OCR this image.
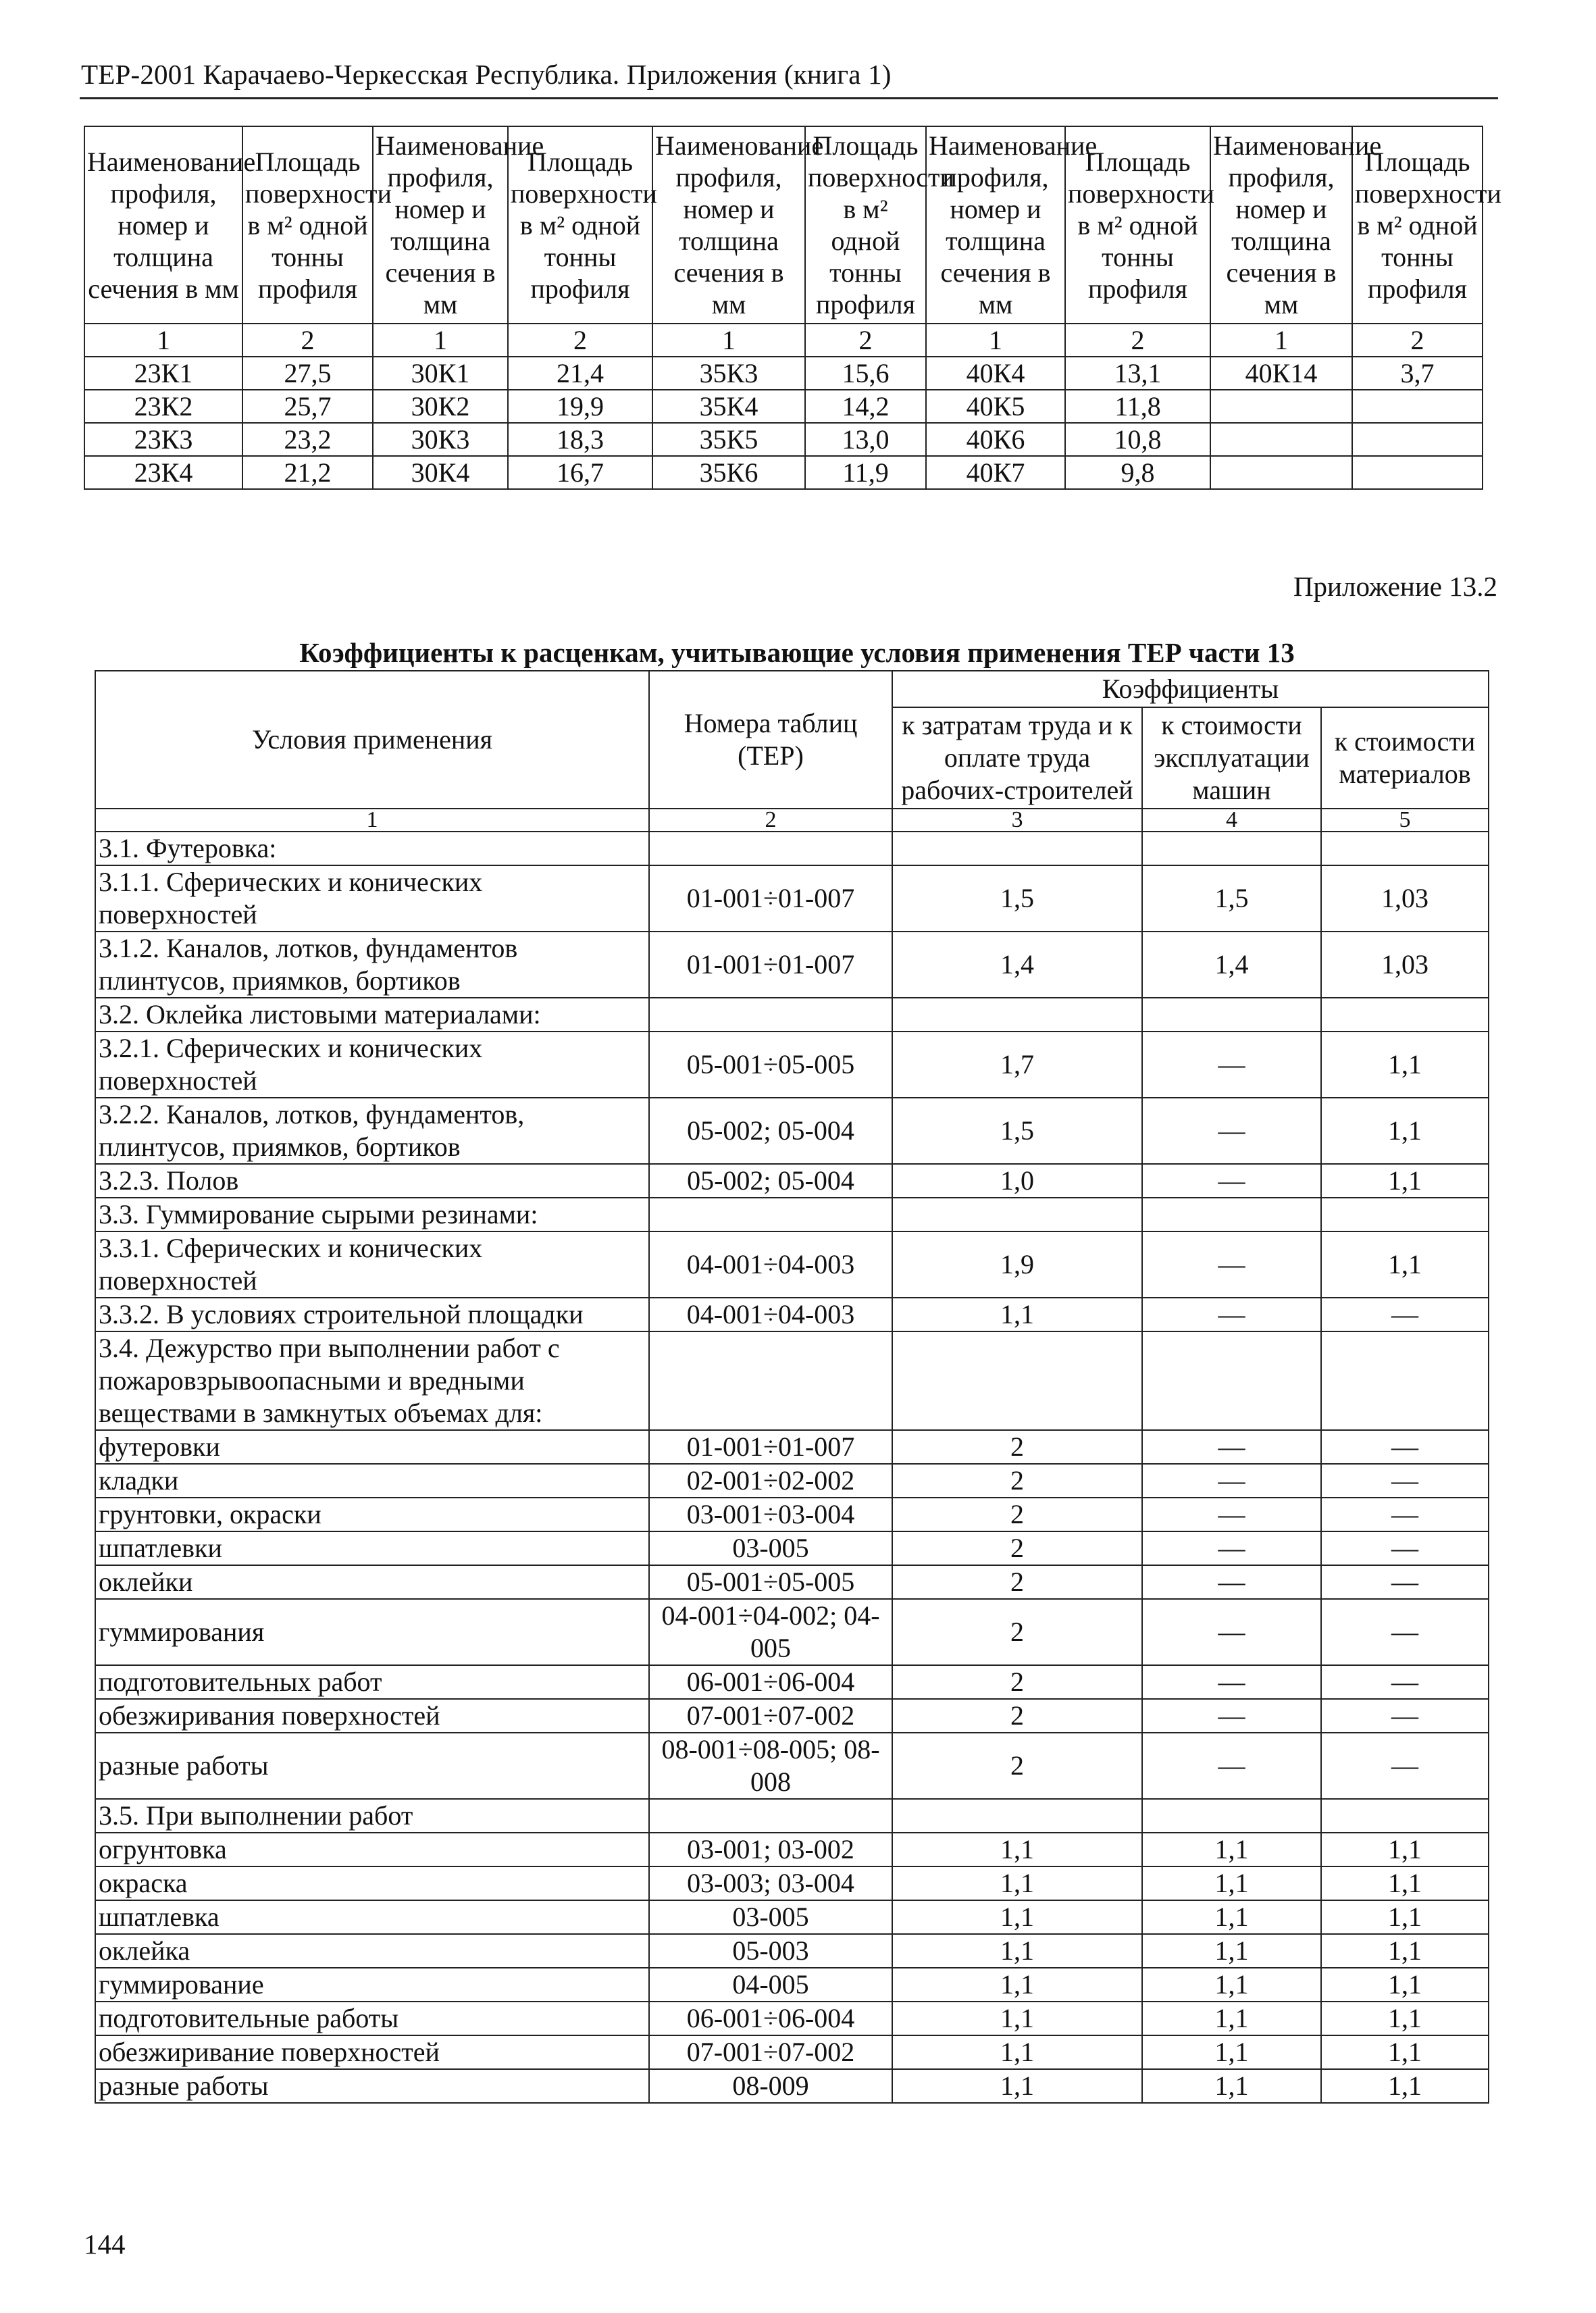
ТЕР-2001 Карачаево-Черкесская Республика. Приложения (книга 1)
Наименование профиля, номер и толщина сечения в мм	Площадь поверхности в м² одной тонны профиля	Наименование профиля, номер и толщина сечения в мм	Площадь поверхности в м² одной тонны профиля	Наименование профиля, номер и толщина сечения в мм	Площадь поверхности в м² одной тонны профиля	Наименование профиля, номер и толщина сечения в мм	Площадь поверхности в м² одной тонны профиля	Наименование профиля, номер и толщина сечения в мм	Площадь поверхности в м² одной тонны профиля
1	2	1	2	1	2	1	2	1	2
23К1	27,5	30К1	21,4	35К3	15,6	40К4	13,1	40К14	3,7
23К2	25,7	30К2	19,9	35К4	14,2	40К5	11,8		
23К3	23,2	30К3	18,3	35К5	13,0	40К6	10,8		
23К4	21,2	30К4	16,7	35К6	11,9	40К7	9,8		
Приложение 13.2
Коэффициенты к расценкам, учитывающие условия применения ТЕР части 13
Условия применения	Номера таблиц (ТЕР)	Коэффициенты		
		к затратам труда и к оплате труда рабочих-строителей	к стоимости эксплуатации машин	к стоимости материалов
1	2	3	4	5
3.1. Футеровка:				
3.1.1. Сферических и конических поверхностей	01-001÷01-007	1,5	1,5	1,03
3.1.2. Каналов, лотков, фундаментов плинтусов, приямков, бортиков	01-001÷01-007	1,4	1,4	1,03
3.2. Оклейка листовыми материалами:				
3.2.1. Сферических и конических поверхностей	05-001÷05-005	1,7	—	1,1
3.2.2. Каналов, лотков, фундаментов, плинтусов, приямков, бортиков	05-002; 05-004	1,5	—	1,1
3.2.3. Полов	05-002; 05-004	1,0	—	1,1
3.3. Гуммирование сырыми резинами:				
3.3.1. Сферических и конических поверхностей	04-001÷04-003	1,9	—	1,1
3.3.2. В условиях строительной площадки	04-001÷04-003	1,1	—	—
3.4. Дежурство при выполнении работ с пожаровзрывоопасными и вредными веществами в замкнутых объемах для:				
футеровки	01-001÷01-007	2	—	—
кладки	02-001÷02-002	2	—	—
грунтовки, окраски	03-001÷03-004	2	—	—
шпатлевки	03-005	2	—	—
оклейки	05-001÷05-005	2	—	—
гуммирования	04-001÷04-002; 04-005	2	—	—
подготовительных работ	06-001÷06-004	2	—	—
обезжиривания поверхностей	07-001÷07-002	2	—	—
разные работы	08-001÷08-005; 08-008	2	—	—
3.5. При выполнении работ				
огрунтовка	03-001; 03-002	1,1	1,1	1,1
окраска	03-003; 03-004	1,1	1,1	1,1
шпатлевка	03-005	1,1	1,1	1,1
оклейка	05-003	1,1	1,1	1,1
гуммирование	04-005	1,1	1,1	1,1
подготовительные работы	06-001÷06-004	1,1	1,1	1,1
обезжиривание поверхностей	07-001÷07-002	1,1	1,1	1,1
разные работы	08-009	1,1	1,1	1,1
144
